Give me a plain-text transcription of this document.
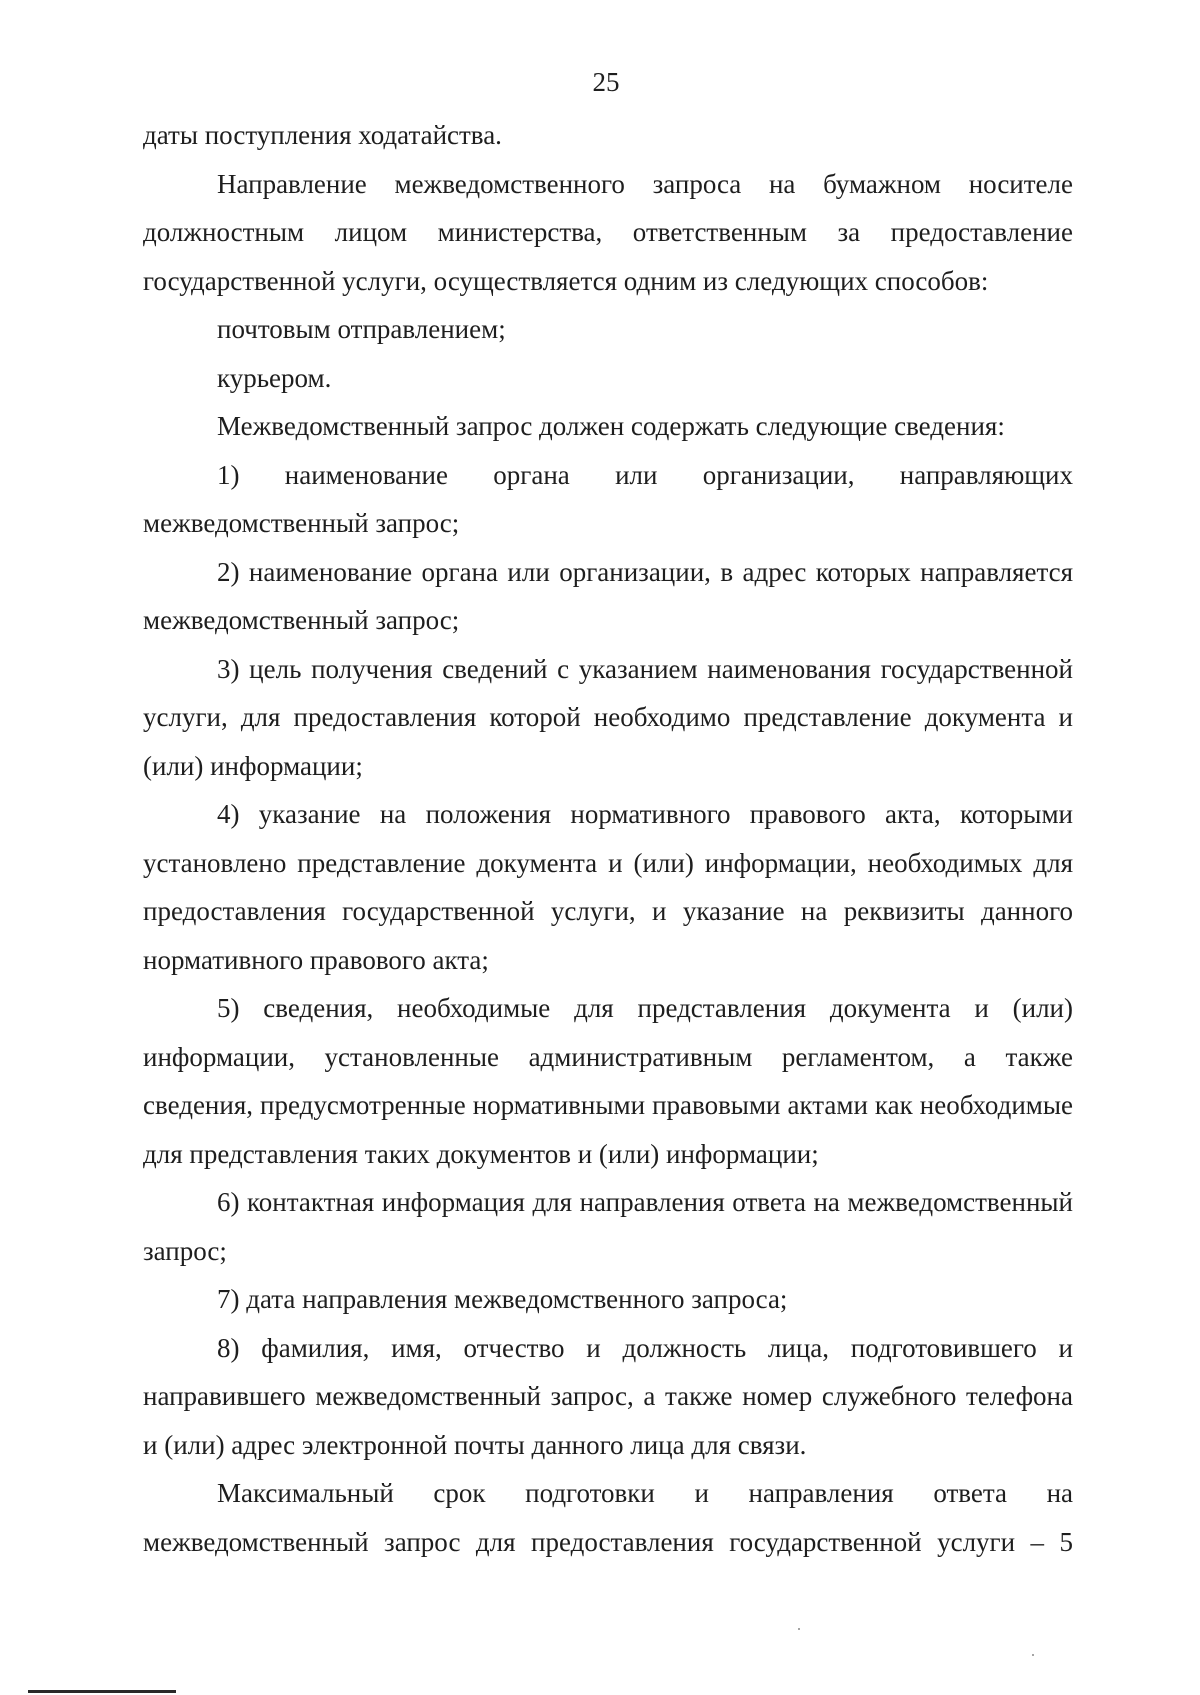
25

даты поступления ходатайства.

Направление межведомственного запроса на бумажном носителе должностным лицом министерства, ответственным за предоставление государственной услуги, осуществляется одним из следующих способов:

почтовым отправлением;

курьером.

Межведомственный запрос должен содержать следующие сведения:

1) наименование органа или организации, направляющих межведомственный запрос;

2) наименование органа или организации, в адрес которых направляется межведомственный запрос;

3) цель получения сведений с указанием наименования государственной услуги, для предоставления которой необходимо представление документа и (или) информации;

4) указание на положения нормативного правового акта, которыми установлено представление документа и (или) информации, необходимых для предоставления государственной услуги, и указание на реквизиты данного нормативного правового акта;

5) сведения, необходимые для представления документа и (или) информации, установленные административным регламентом, а также сведения, предусмотренные нормативными правовыми актами как необходимые для представления таких документов и (или) информации;

6) контактная информация для направления ответа на межведомственный запрос;

7) дата направления межведомственного запроса;

8) фамилия, имя, отчество и должность лица, подготовившего и направившего межведомственный запрос, а также номер служебного телефона и (или) адрес электронной почты данного лица для связи.

Максимальный срок подготовки и направления ответа на межведомственный запрос для предоставления государственной услуги – 5
